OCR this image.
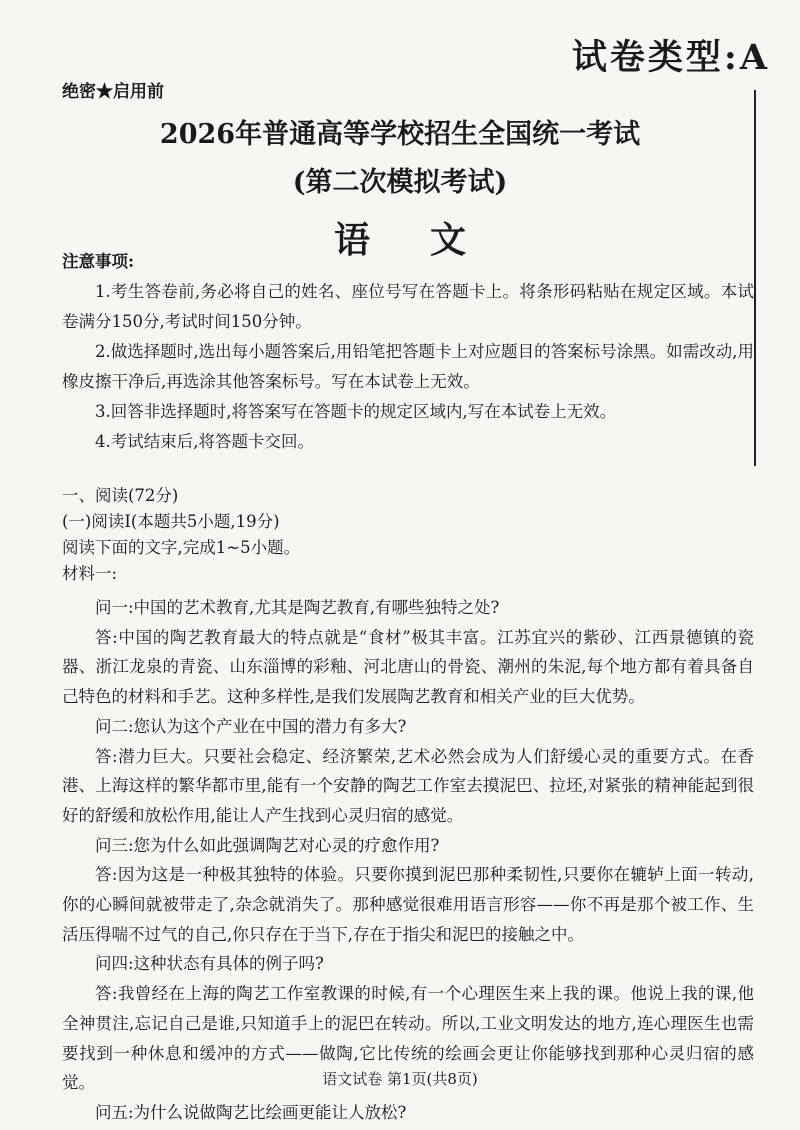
试卷类型:A
绝密★启用前
2026年普通高等学校招生全国统一考试
(第二次模拟考试)
语文
注意事项:

1.考生答卷前,务必将自己的姓名、座位号写在答题卡上。将条形码粘贴在规定区域。本试卷满分150分,考试时间150分钟。

2.做选择题时,选出每小题答案后,用铅笔把答题卡上对应题目的答案标号涂黑。如需改动,用橡皮擦干净后,再选涂其他答案标号。写在本试卷上无效。

3.回答非选择题时,将答案写在答题卡的规定区域内,写在本试卷上无效。

4.考试结束后,将答题卡交回。

一、阅读(72分)
(一)阅读Ⅰ(本题共5小题,19分)
阅读下面的文字,完成1~5小题。
材料一:

问一:中国的艺术教育,尤其是陶艺教育,有哪些独特之处?

答:中国的陶艺教育最大的特点就是“食材”极其丰富。江苏宜兴的紫砂、江西景德镇的瓷器、浙江龙泉的青瓷、山东淄博的彩釉、河北唐山的骨瓷、潮州的朱泥,每个地方都有着具备自己特色的材料和手艺。这种多样性,是我们发展陶艺教育和相关产业的巨大优势。

问二:您认为这个产业在中国的潜力有多大?

答:潜力巨大。只要社会稳定、经济繁荣,艺术必然会成为人们舒缓心灵的重要方式。在香港、上海这样的繁华都市里,能有一个安静的陶艺工作室去摸泥巴、拉坯,对紧张的精神能起到很好的舒缓和放松作用,能让人产生找到心灵归宿的感觉。

问三:您为什么如此强调陶艺对心灵的疗愈作用?

答:因为这是一种极其独特的体验。只要你摸到泥巴那种柔韧性,只要你在辘轳上面一转动,你的心瞬间就被带走了,杂念就消失了。那种感觉很难用语言形容——你不再是那个被工作、生活压得喘不过气的自己,你只存在于当下,存在于指尖和泥巴的接触之中。

问四:这种状态有具体的例子吗?

答:我曾经在上海的陶艺工作室教课的时候,有一个心理医生来上我的课。他说上我的课,他全神贯注,忘记自己是谁,只知道手上的泥巴在转动。所以,工业文明发达的地方,连心理医生也需要找到一种休息和缓冲的方式——做陶,它比传统的绘画会更让你能够找到那种心灵归宿的感觉。

问五:为什么说做陶艺比绘画更能让人放松?

语文试卷 第1页(共8页)
